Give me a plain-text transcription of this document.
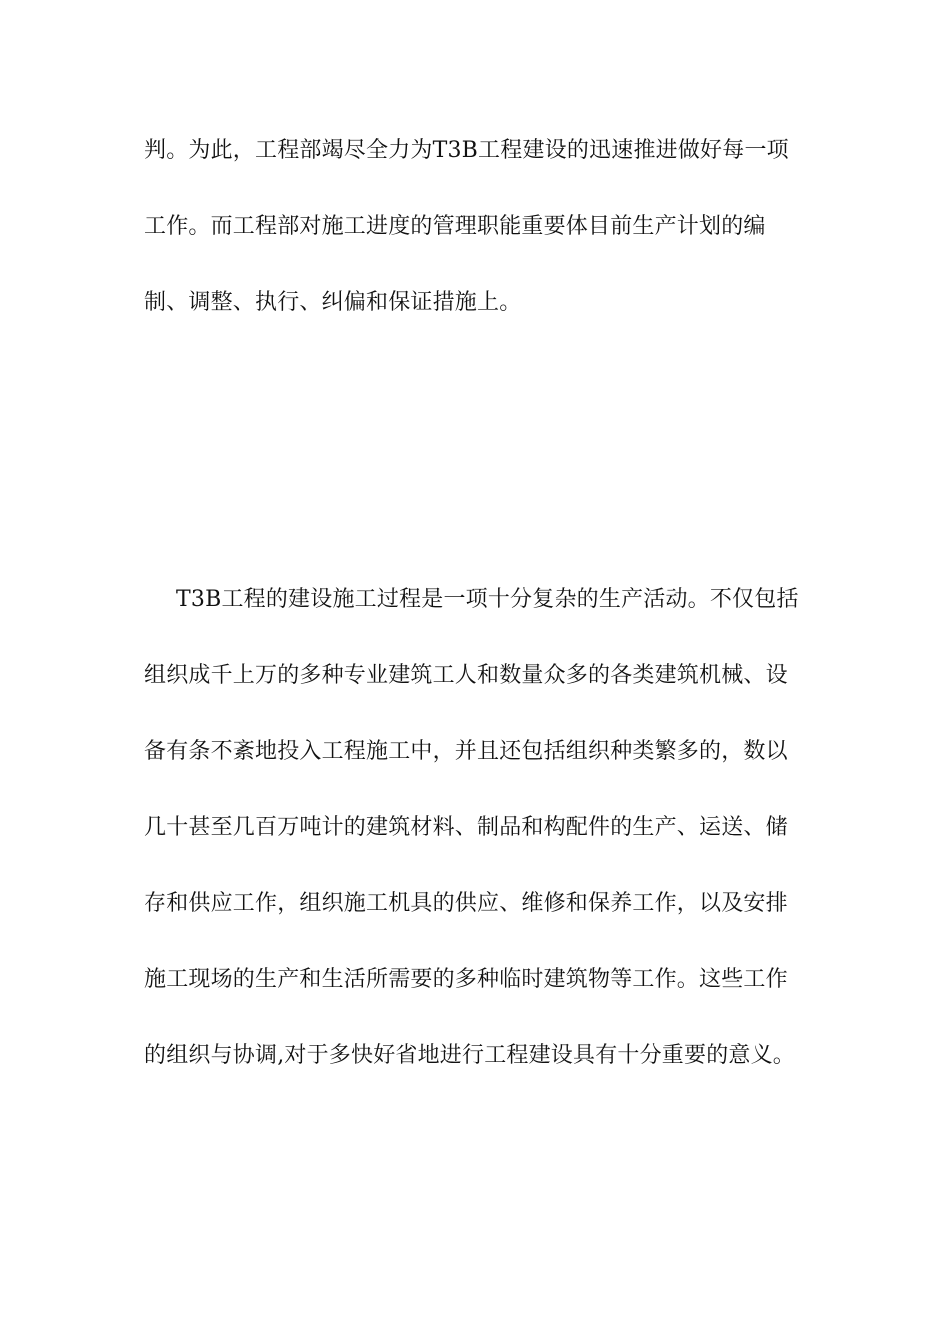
判。为此，工程部竭尽全力为T3B工程建设的迅速推进做好每一项
工作。而工程部对施工进度的管理职能重要体目前生产计划的编
制、调整、执行、纠偏和保证措施上。
T3B工程的建设施工过程是一项十分复杂的生产活动。不仅包括
组织成千上万的多种专业建筑工人和数量众多的各类建筑机械、设
备有条不紊地投入工程施工中，并且还包括组织种类繁多的，数以
几十甚至几百万吨计的建筑材料、制品和构配件的生产、运送、储
存和供应工作，组织施工机具的供应、维修和保养工作，以及安排
施工现场的生产和生活所需要的多种临时建筑物等工作。这些工作
的组织与协调,对于多快好省地进行工程建设具有十分重要的意义。
